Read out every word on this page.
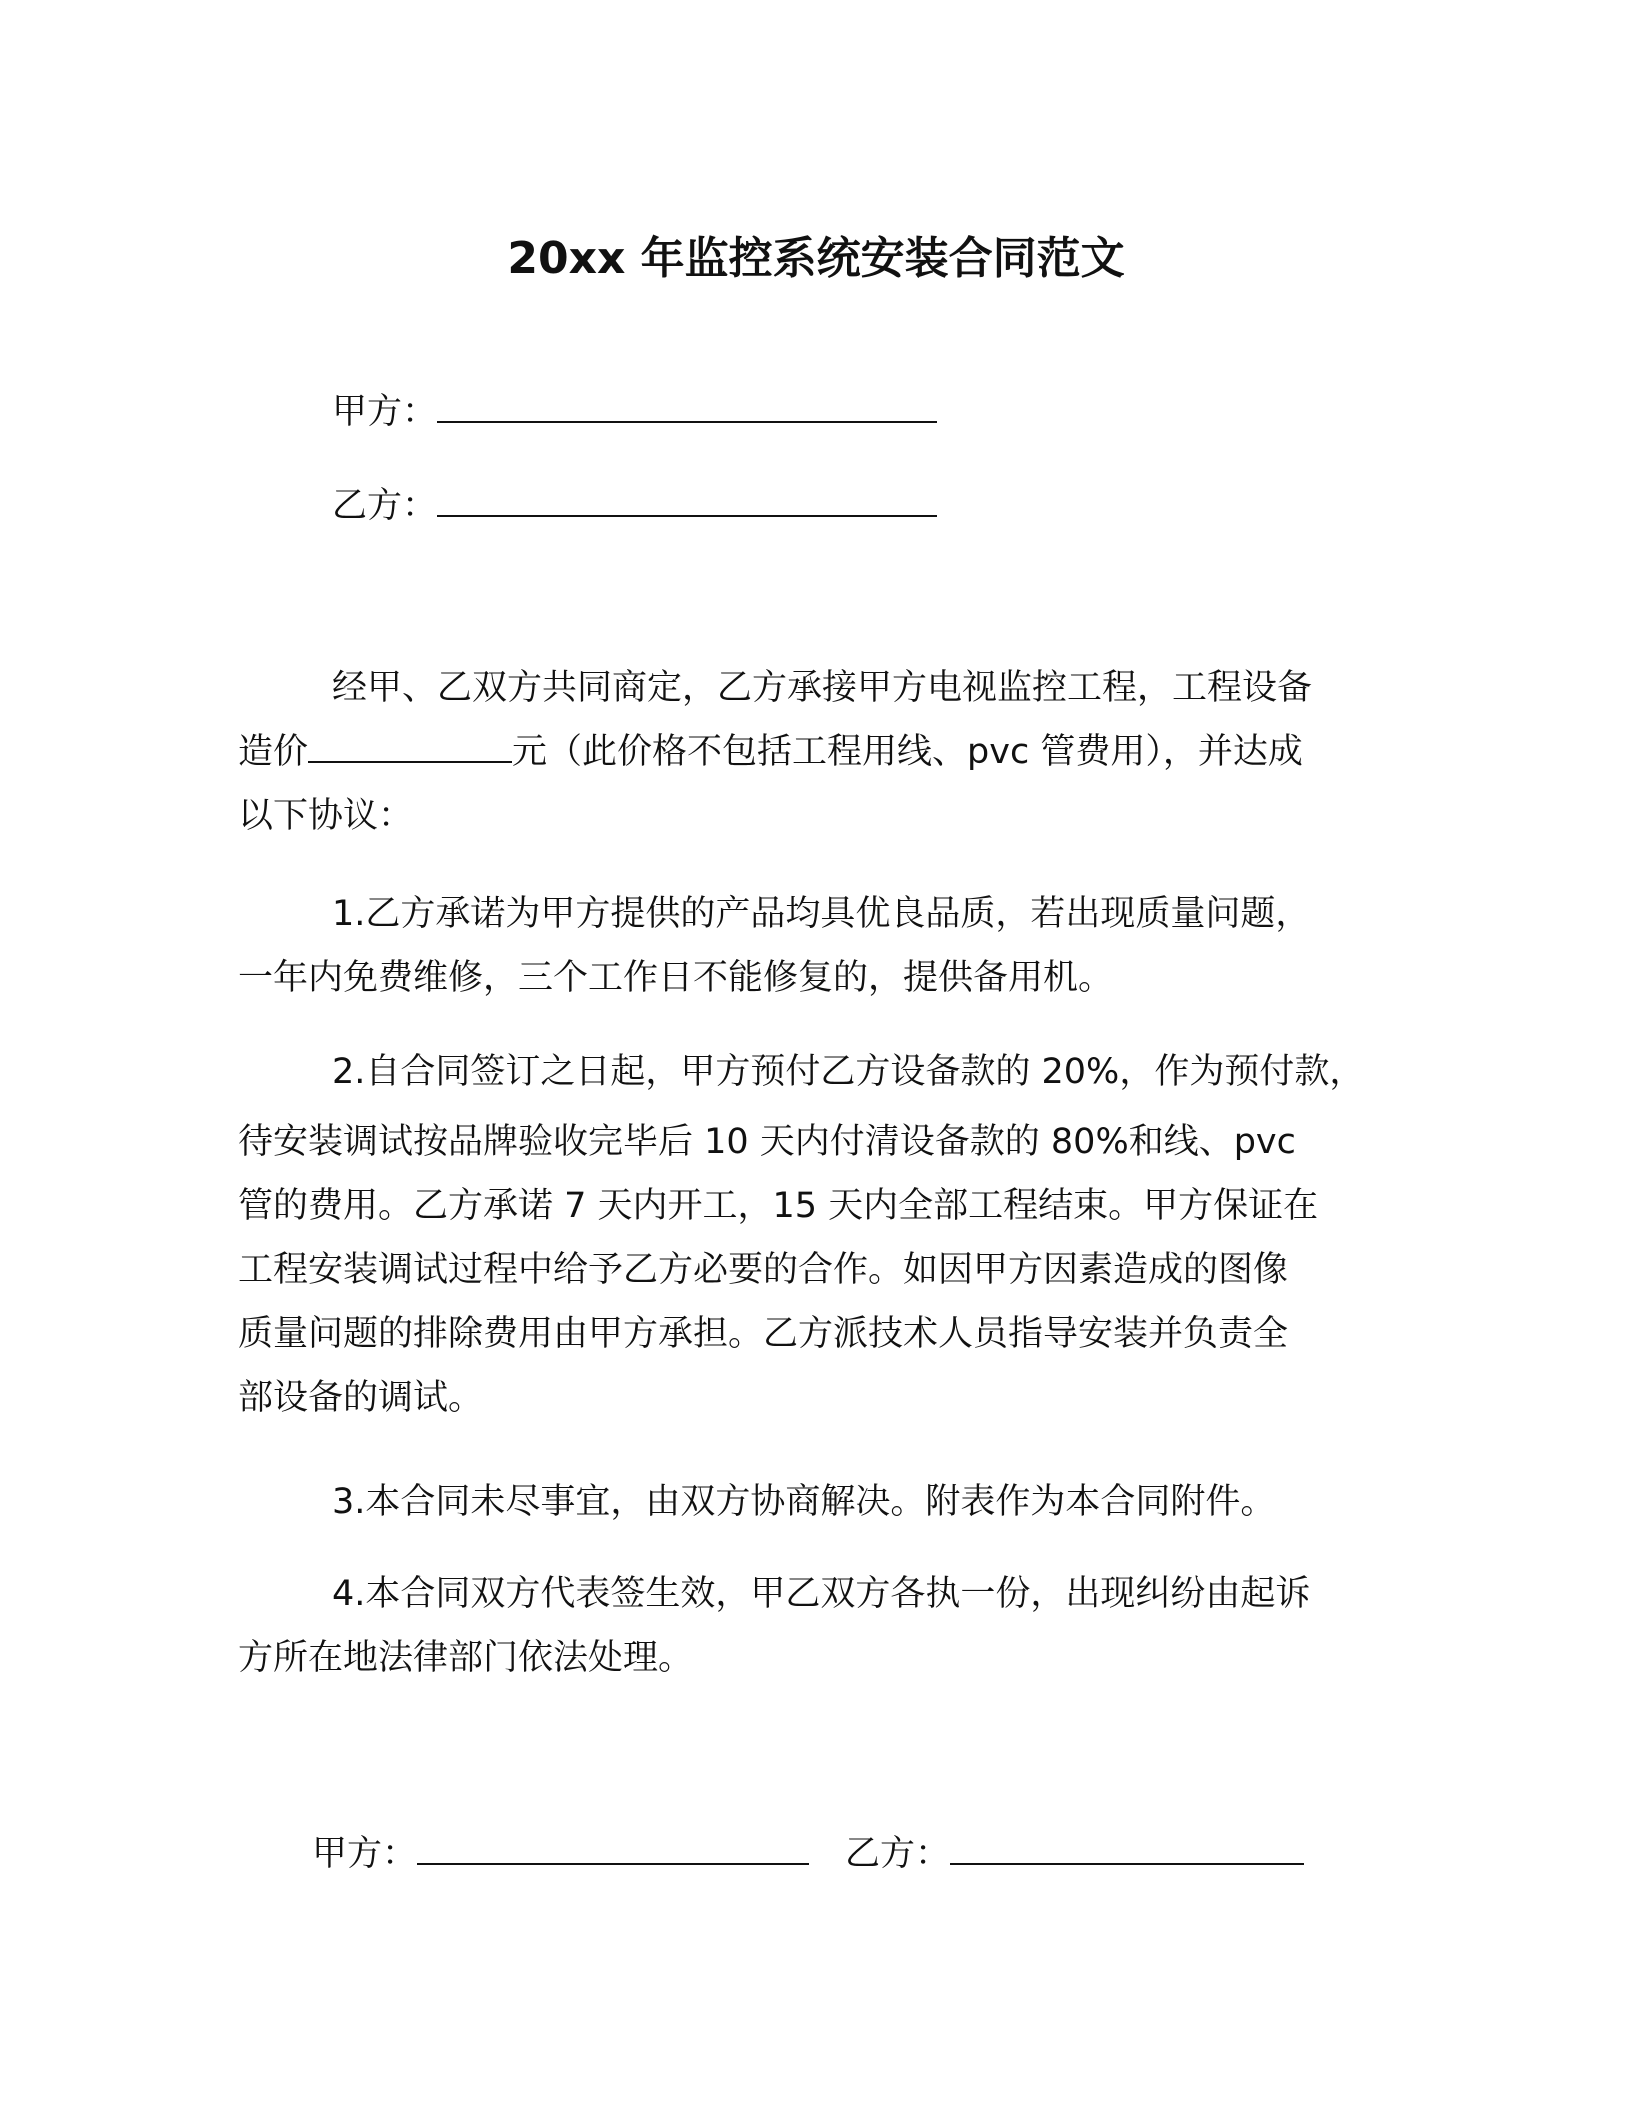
20xx 年监控系统安装合同范文
甲方：
乙方：
经甲、乙双方共同商定，乙方承接甲方电视监控工程，工程设备
造价	元（此价格不包括工程用线、pvc 管费用），并达成
以下协议：
1.乙方承诺为甲方提供的产品均具优良品质，若出现质量问题，
一年内免费维修，三个工作日不能修复的，提供备用机。
2.自合同签订之日起，甲方预付乙方设备款的 20%，作为预付款，
待安装调试按品牌验收完毕后 10 天内付清设备款的 80%和线、pvc
管的费用。乙方承诺 7 天内开工，15 天内全部工程结束。甲方保证在
工程安装调试过程中给予乙方必要的合作。如因甲方因素造成的图像
质量问题的排除费用由甲方承担。乙方派技术人员指导安装并负责全
部设备的调试。
3.本合同未尽事宜，由双方协商解决。附表作为本合同附件。
4.本合同双方代表签生效，甲乙双方各执一份，出现纠纷由起诉
方所在地法律部门依法处理。
甲方：	乙方：
